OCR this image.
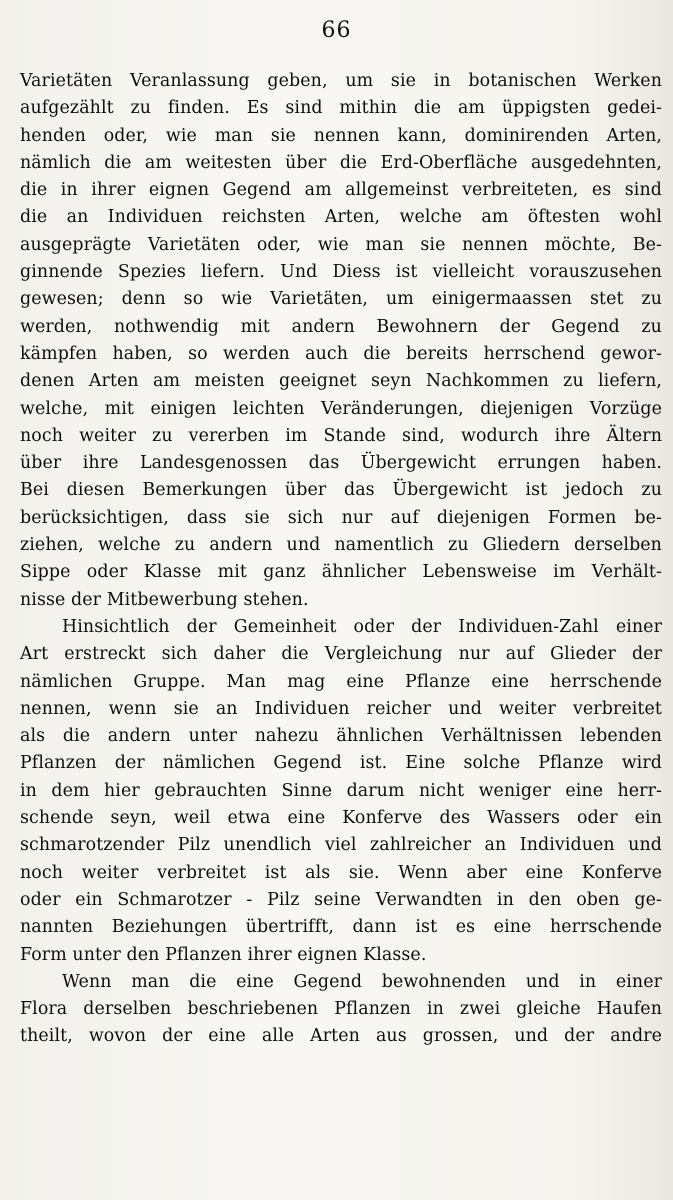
66
Varietäten Veranlassung geben, um sie in botanischen Werken
aufgezählt zu finden. Es sind mithin die am üppigsten gedei-
henden oder, wie man sie nennen kann, dominirenden Arten,
nämlich die am weitesten über die Erd-Oberfläche ausgedehnten,
die in ihrer eignen Gegend am allgemeinst verbreiteten, es sind
die an Individuen reichsten Arten, welche am öftesten wohl
ausgeprägte Varietäten oder, wie man sie nennen möchte, Be-
ginnende Spezies liefern. Und Diess ist vielleicht vorauszusehen
gewesen; denn so wie Varietäten, um einigermaassen stet zu
werden, nothwendig mit andern Bewohnern der Gegend zu
kämpfen haben, so werden auch die bereits herrschend gewor-
denen Arten am meisten geeignet seyn Nachkommen zu liefern,
welche, mit einigen leichten Veränderungen, diejenigen Vorzüge
noch weiter zu vererben im Stande sind, wodurch ihre Ältern
über ihre Landesgenossen das Übergewicht errungen haben.
Bei diesen Bemerkungen über das Übergewicht ist jedoch zu
berücksichtigen, dass sie sich nur auf diejenigen Formen be-
ziehen, welche zu andern und namentlich zu Gliedern derselben
Sippe oder Klasse mit ganz ähnlicher Lebensweise im Verhält-
nisse der Mitbewerbung stehen.
Hinsichtlich der Gemeinheit oder der Individuen-Zahl einer
Art erstreckt sich daher die Vergleichung nur auf Glieder der
nämlichen Gruppe. Man mag eine Pflanze eine herrschende
nennen, wenn sie an Individuen reicher und weiter verbreitet
als die andern unter nahezu ähnlichen Verhältnissen lebenden
Pflanzen der nämlichen Gegend ist. Eine solche Pflanze wird
in dem hier gebrauchten Sinne darum nicht weniger eine herr-
schende seyn, weil etwa eine Konferve des Wassers oder ein
schmarotzender Pilz unendlich viel zahlreicher an Individuen und
noch weiter verbreitet ist als sie. Wenn aber eine Konferve
oder ein Schmarotzer - Pilz seine Verwandten in den oben ge-
nannten Beziehungen übertrifft, dann ist es eine herrschende
Form unter den Pflanzen ihrer eignen Klasse.
Wenn man die eine Gegend bewohnenden und in einer
Flora derselben beschriebenen Pflanzen in zwei gleiche Haufen
theilt, wovon der eine alle Arten aus grossen, und der andre
